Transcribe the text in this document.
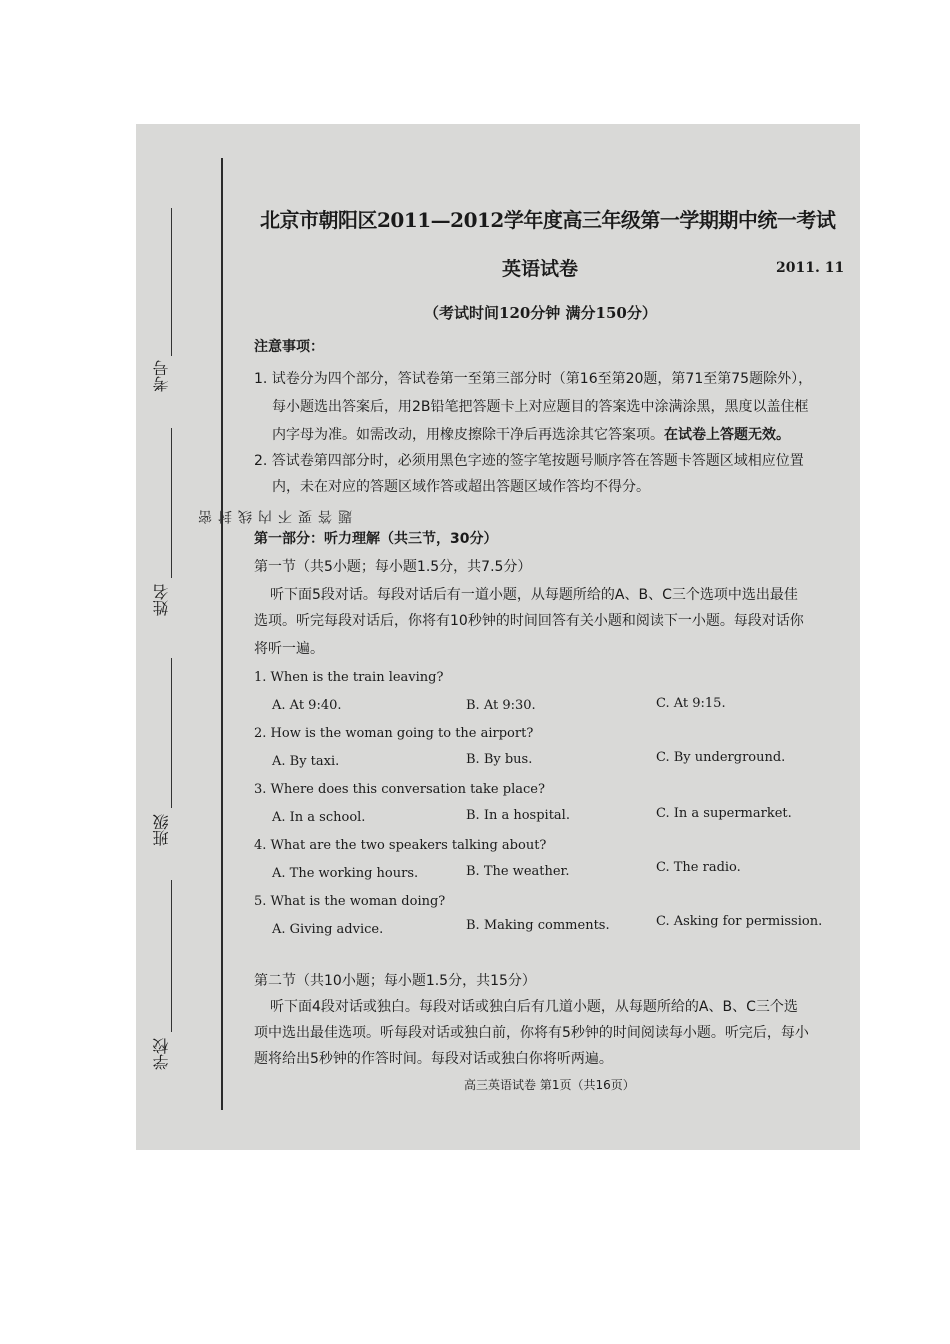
考号
姓名
班级
学校
密 封 线 内 不 要 答 题
北京市朝阳区2011—2012学年度高三年级第一学期期中统一考试
英语试卷	2011. 11
（考试时间120分钟 满分150分）
注意事项：
1. 试卷分为四个部分，答试卷第一至第三部分时（第16至第20题，第71至第75题除外），
每小题选出答案后，用2B铅笔把答题卡上对应题目的答案选中涂满涂黑，黑度以盖住框
内字母为准。如需改动，用橡皮擦除干净后再选涂其它答案项。在试卷上答题无效。
2. 答试卷第四部分时，必须用黑色字迹的签字笔按题号顺序答在答题卡答题区域相应位置
内，未在对应的答题区域作答或超出答题区域作答均不得分。
第一部分：听力理解（共三节，30分）
第一节（共5小题；每小题1.5分，共7.5分）
听下面5段对话。每段对话后有一道小题，从每题所给的A、B、C三个选项中选出最佳
选项。听完每段对话后，你将有10秒钟的时间回答有关小题和阅读下一小题。每段对话你
将听一遍。
1. When is the train leaving?
A. At 9:40.	B. At 9:30.	C. At 9:15.
2. How is the woman going to the airport?
A. By taxi.	B. By bus.	C. By underground.
3. Where does this conversation take place?
A. In a school.	B. In a hospital.	C. In a supermarket.
4. What are the two speakers talking about?
A. The working hours.	B. The weather.	C. The radio.
5. What is the woman doing?
A. Giving advice.	B. Making comments.	C. Asking for permission.
第二节（共10小题；每小题1.5分，共15分）
听下面4段对话或独白。每段对话或独白后有几道小题，从每题所给的A、B、C三个选
项中选出最佳选项。听每段对话或独白前，你将有5秒钟的时间阅读每小题。听完后，每小
题将给出5秒钟的作答时间。每段对话或独白你将听两遍。
高三英语试卷 第1页（共16页）
